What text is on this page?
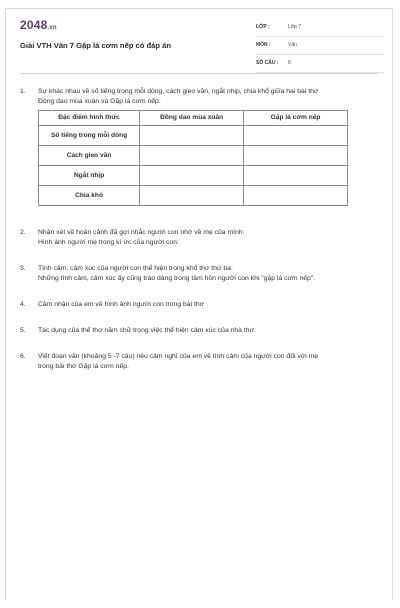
2048.vn
Giải VTH Văn 7 Gặp lá cơm nếp có đáp án
LỚP :	Lớp 7
MÔN :	Văn
SỐ CÂU : 6
1. Sự khác nhau về số tiếng trong mỗi dòng, cách gieo vần, ngắt nhịp, chia khổ giữa hai bài thơ
Đồng dao mùa xuân và Gặp lá cơm nếp:
Đặc điểm hình thức	Đồng dao mùa xuân	Gặp lá cơm nếp
Số tiếng trong mỗi dòng		
Cách gieo vần		
Ngắt nhịp		
Chia khổ		
2. Nhận xét về hoàn cảnh đã gợi nhắc người con nhớ về mẹ của mình:
Hình ảnh người mẹ trong kí ức của người con:
3. Tình cảm, cảm xúc của người con thể hiện trong khổ thơ thứ ba:
Những tình cảm, cảm xúc ấy cũng trào dâng trong tâm hồn người con khi "gặp lá cơm nếp".
4. Cảm nhận của em về hình ảnh người con trong bài thơ
5. Tác dụng của thể thơ năm chữ trong việc thể hiện cảm xúc của nhà thơ:
6. Viết đoạn văn (khoảng 5 -7 câu) nêu cảm nghĩ của em về tình cảm của người con đối với mẹ
trong bài thơ Gặp lá cơm nếp.
